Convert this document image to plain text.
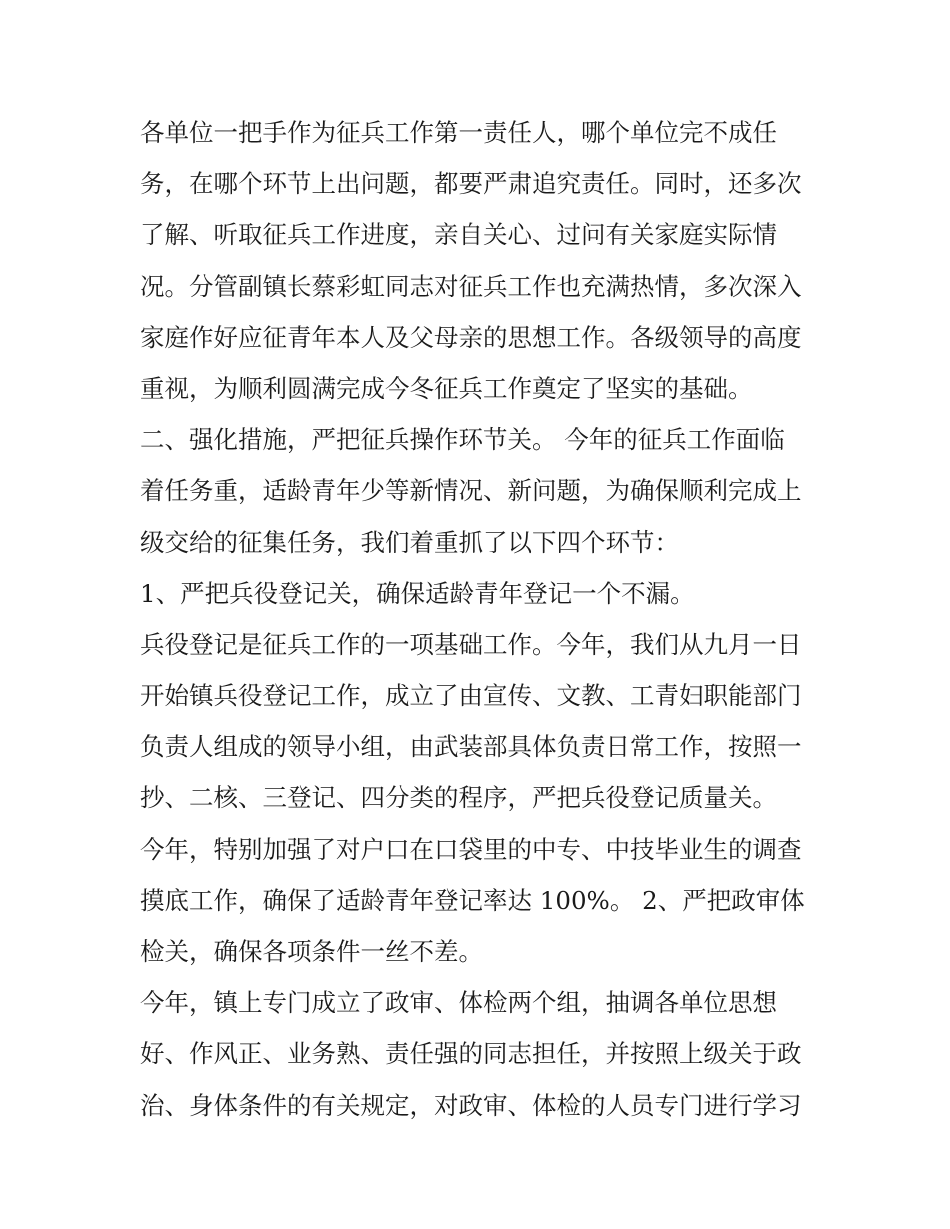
各单位一把手作为征兵工作第一责任人，哪个单位完不成任
务，在哪个环节上出问题，都要严肃追究责任。同时，还多次
了解、听取征兵工作进度，亲自关心、过问有关家庭实际情
况。分管副镇长蔡彩虹同志对征兵工作也充满热情，多次深入
家庭作好应征青年本人及父母亲的思想工作。各级领导的高度
重视，为顺利圆满完成今冬征兵工作奠定了坚实的基础。
二、强化措施，严把征兵操作环节关。 今年的征兵工作面临
着任务重，适龄青年少等新情况、新问题，为确保顺利完成上
级交给的征集任务，我们着重抓了以下四个环节：
1、严把兵役登记关，确保适龄青年登记一个不漏。
兵役登记是征兵工作的一项基础工作。今年，我们从九月一日
开始镇兵役登记工作，成立了由宣传、文教、工青妇职能部门
负责人组成的领导小组，由武装部具体负责日常工作，按照一
抄、二核、三登记、四分类的程序，严把兵役登记质量关。
今年，特别加强了对户口在口袋里的中专、中技毕业生的调查
摸底工作，确保了适龄青年登记率达 100%。 2、严把政审体
检关，确保各项条件一丝不差。
今年，镇上专门成立了政审、体检两个组，抽调各单位思想
好、作风正、业务熟、责任强的同志担任，并按照上级关于政
治、身体条件的有关规定，对政审、体检的人员专门进行学习
